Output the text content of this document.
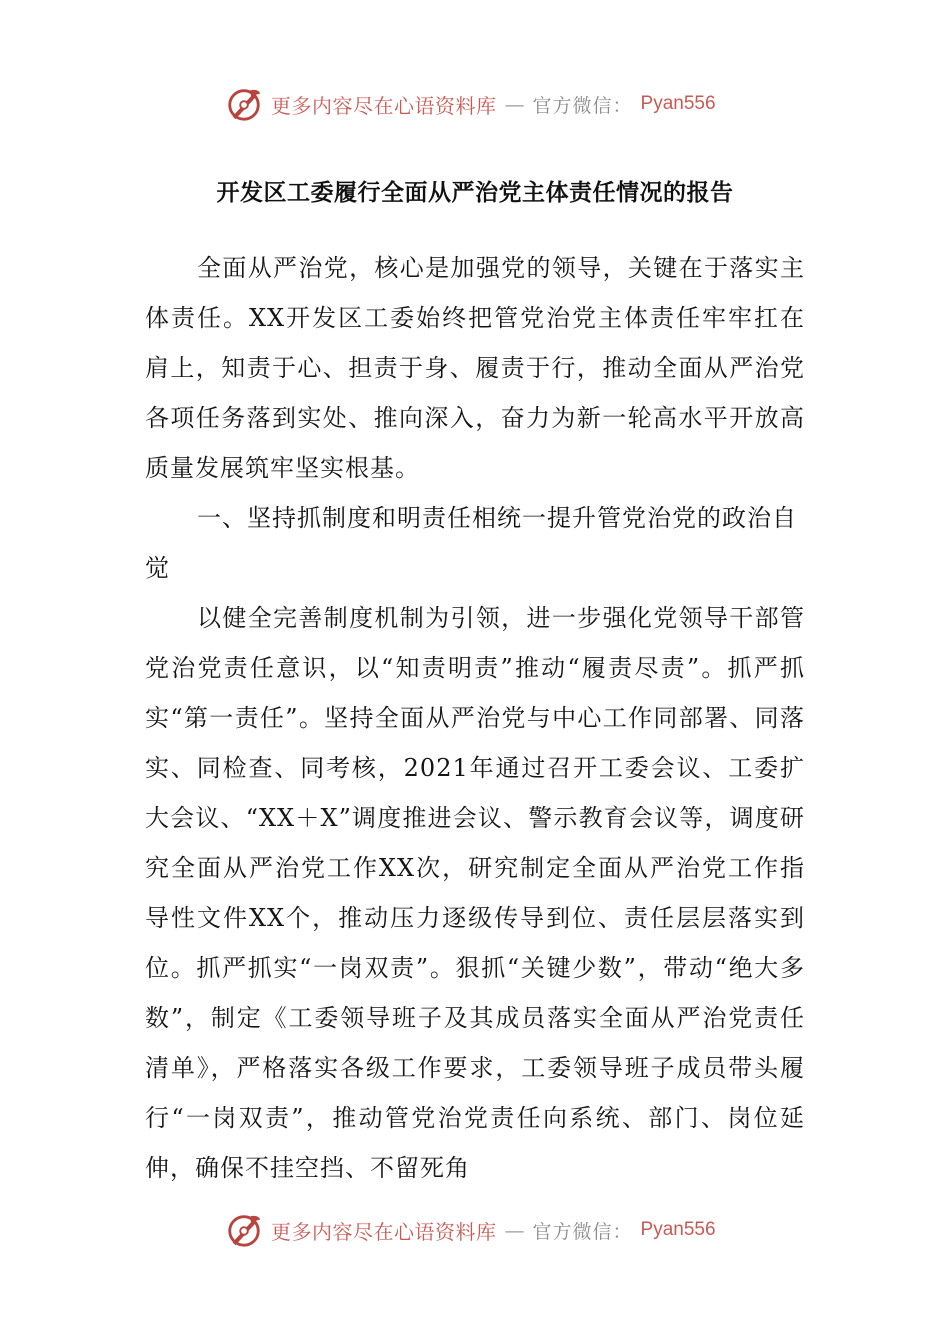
更多内容尽在心语资料库 — 官方微信： Pyan556
开发区工委履行全面从严治党主体责任情况的报告

全面从严治党，核心是加强党的领导，关键在于落实主体责任。XX开发区工委始终把管党治党主体责任牢牢扛在肩上，知责于心、担责于身、履责于行，推动全面从严治党各项任务落到实处、推向深入，奋力为新一轮高水平开放高质量发展筑牢坚实根基。

一、坚持抓制度和明责任相统一提升管党治党的政治自觉

以健全完善制度机制为引领，进一步强化党领导干部管党治党责任意识，以“知责明责”推动“履责尽责”。抓严抓实“第一责任”。坚持全面从严治党与中心工作同部署、同落实、同检查、同考核，2021年通过召开工委会议、工委扩大会议、“XX＋X”调度推进会议、警示教育会议等，调度研究全面从严治党工作XX次，研究制定全面从严治党工作指导性文件XX个，推动压力逐级传导到位、责任层层落实到位。抓严抓实“一岗双责”。狠抓“关键少数”，带动“绝大多数”，制定《工委领导班子及其成员落实全面从严治党责任清单》，严格落实各级工作要求，工委领导班子成员带头履行“一岗双责”，推动管党治党责任向系统、部门、岗位延伸，确保不挂空挡、不留死角

更多内容尽在心语资料库 — 官方微信： Pyan556
